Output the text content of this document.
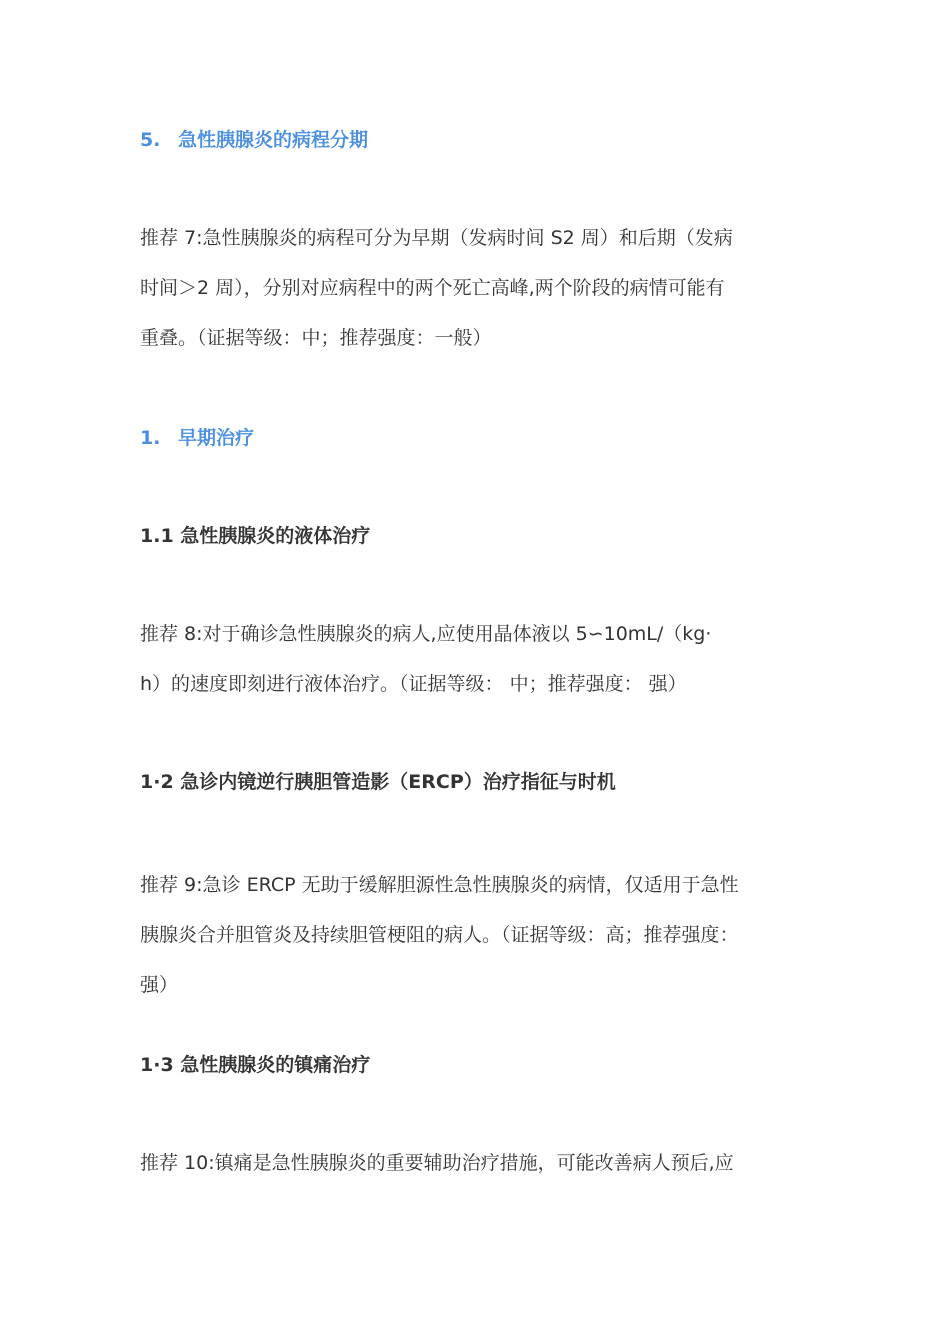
5. 急性胰腺炎的病程分期
推荐 7:急性胰腺炎的病程可分为早期（发病时间 S2 周）和后期（发病
时间＞2 周），分别对应病程中的两个死亡高峰,两个阶段的病情可能有
重叠。（证据等级：中；推荐强度：一般）
1. 早期治疗
1.1 急性胰腺炎的液体治疗
推荐 8:对于确诊急性胰腺炎的病人,应使用晶体液以 5∽10mL/（kg·
h）的速度即刻进行液体治疗。（证据等级： 中；推荐强度： 强）
1·2 急诊内镜逆行胰胆管造影（ERCP）治疗指征与时机
推荐 9:急诊 ERCP 无助于缓解胆源性急性胰腺炎的病情，仅适用于急性
胰腺炎合并胆管炎及持续胆管梗阻的病人。（证据等级：高；推荐强度：
强）
1·3 急性胰腺炎的镇痛治疗
推荐 10:镇痛是急性胰腺炎的重要辅助治疗措施，可能改善病人预后,应
